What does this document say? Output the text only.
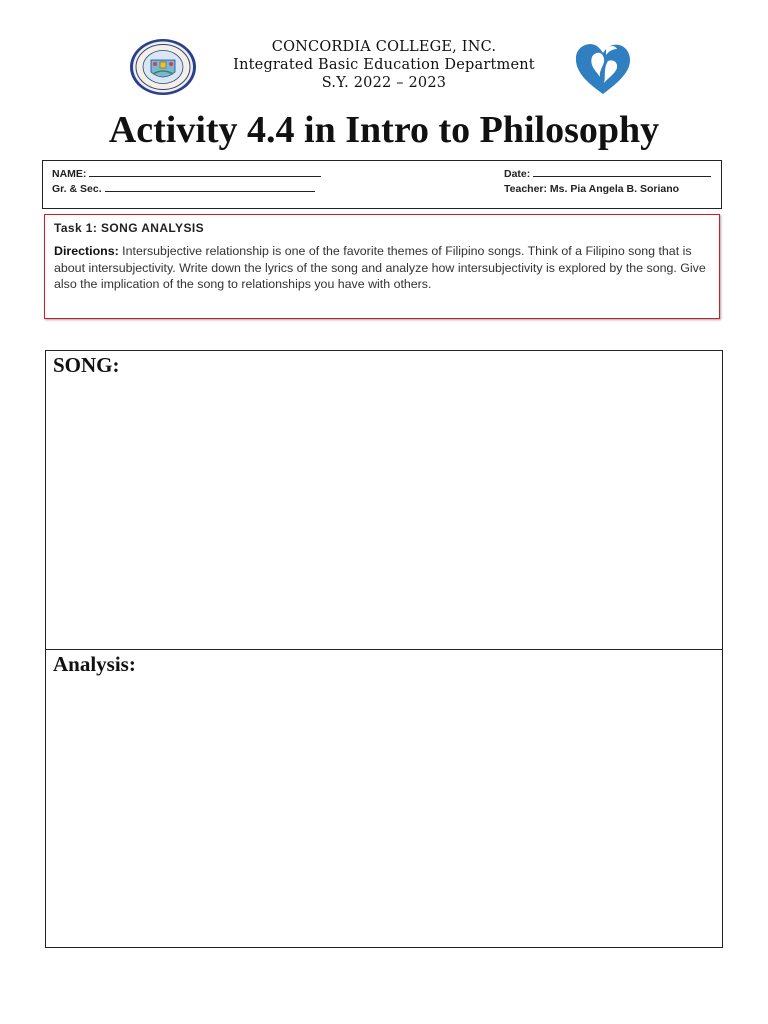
CONCORDIA COLLEGE, INC.
Integrated Basic Education Department
S.Y. 2022 – 2023
Activity 4.4 in Intro to Philosophy
NAME:
Gr. & Sec.
Date:
Teacher: Ms. Pia Angela B. Soriano
Task 1: SONG ANALYSIS
Directions: Intersubjective relationship is one of the favorite themes of Filipino songs. Think of a Filipino song that is about intersubjectivity. Write down the lyrics of the song and analyze how intersubjectivity is explored by the song. Give also the implication of the song to relationships you have with others.
SONG:
Analysis:
